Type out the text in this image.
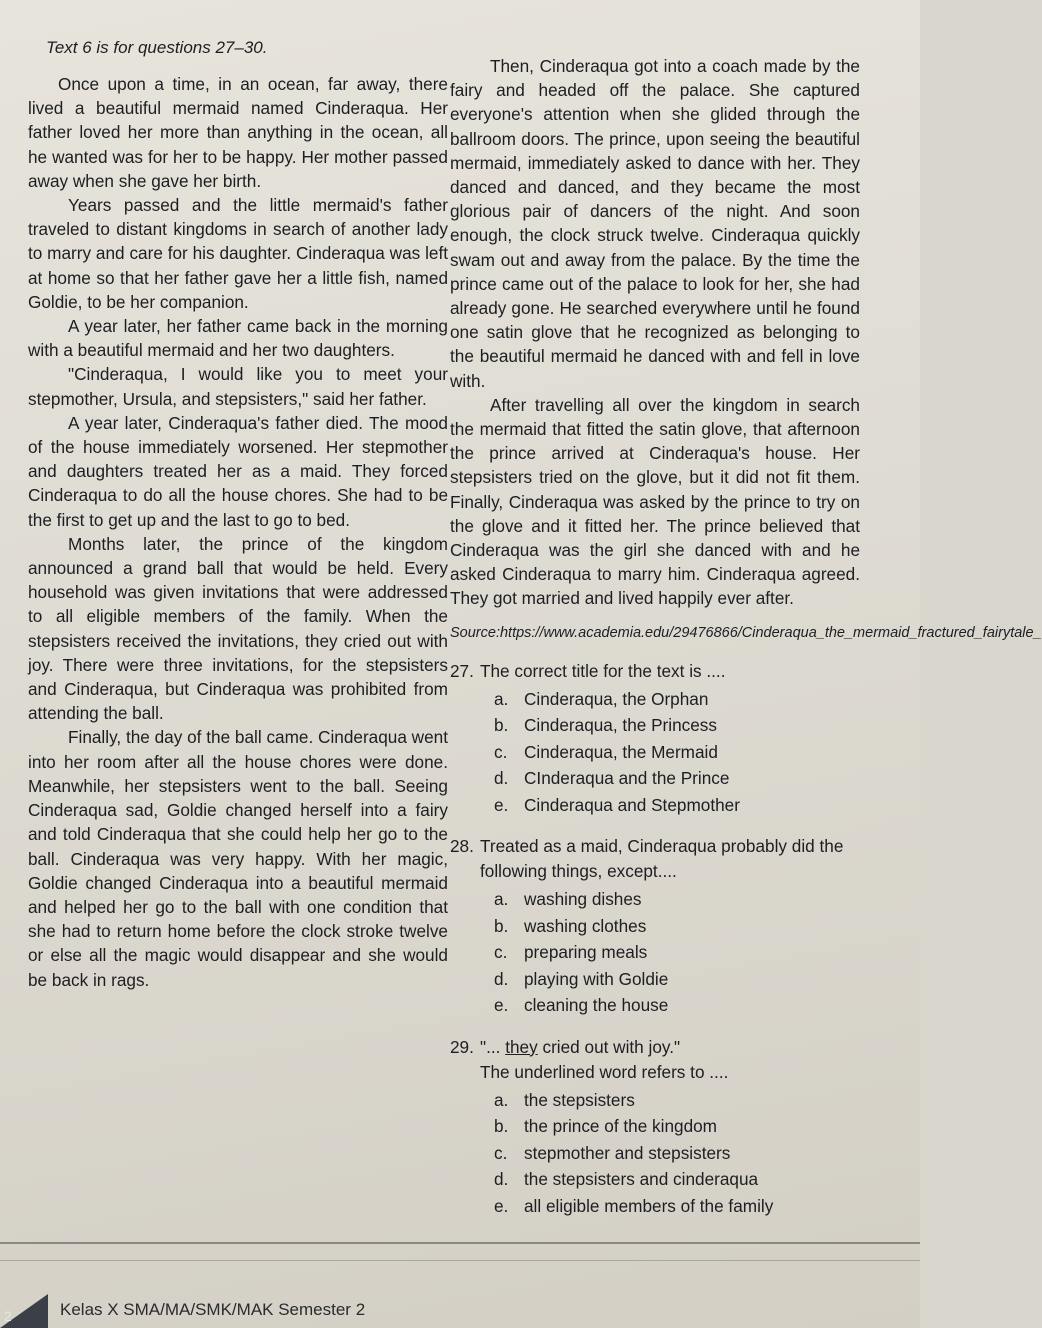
Text 6 is for questions 27–30.

Once upon a time, in an ocean, far away, there lived a beautiful mermaid named Cinderaqua. Her father loved her more than anything in the ocean, all he wanted was for her to be happy. Her mother passed away when she gave her birth.

Years passed and the little mermaid's father traveled to distant kingdoms in search of another lady to marry and care for his daughter. Cinderaqua was left at home so that her father gave her a little fish, named Goldie, to be her companion.

A year later, her father came back in the morning with a beautiful mermaid and her two daughters.

"Cinderaqua, I would like you to meet your stepmother, Ursula, and stepsisters," said her father.

A year later, Cinderaqua's father died. The mood of the house immediately worsened. Her stepmother and daughters treated her as a maid. They forced Cinderaqua to do all the house chores. She had to be the first to get up and the last to go to bed.

Months later, the prince of the kingdom announced a grand ball that would be held. Every household was given invitations that were addressed to all eligible members of the family. When the stepsisters received the invitations, they cried out with joy. There were three invitations, for the stepsisters and Cinderaqua, but Cinderaqua was prohibited from attending the ball.

Finally, the day of the ball came. Cinderaqua went into her room after all the house chores were done. Meanwhile, her stepsisters went to the ball. Seeing Cinderaqua sad, Goldie changed herself into a fairy and told Cinderaqua that she could help her go to the ball. Cinderaqua was very happy. With her magic, Goldie changed Cinderaqua into a beautiful mermaid and helped her go to the ball with one condition that she had to return home before the clock stroke twelve or else all the magic would disappear and she would be back in rags.

Then, Cinderaqua got into a coach made by the fairy and headed off the palace. She captured everyone's attention when she glided through the ballroom doors. The prince, upon seeing the beautiful mermaid, immediately asked to dance with her. They danced and danced, and they became the most glorious pair of dancers of the night. And soon enough, the clock struck twelve. Cinderaqua quickly swam out and away from the palace. By the time the prince came out of the palace to look for her, she had already gone. He searched everywhere until he found one satin glove that he recognized as belonging to the beautiful mermaid he danced with and fell in love with.

After travelling all over the kingdom in search the mermaid that fitted the satin glove, that afternoon the prince arrived at Cinderaqua's house. Her stepsisters tried on the glove, but it did not fit them. Finally, Cinderaqua was asked by the prince to try on the glove and it fitted her. The prince believed that Cinderaqua was the girl she danced with and he asked Cinderaqua to marry him. Cinderaqua agreed. They got married and lived happily ever after.

Source:https://www.academia.edu/29476866/Cinderaqua_the_mermaid_fractured_fairytale_
27. The correct title for the text is ....
a. Cinderaqua, the Orphan
b. Cinderaqua, the Princess
c. Cinderaqua, the Mermaid
d. CInderaqua and the Prince
e. Cinderaqua and Stepmother
28. Treated as a maid, Cinderaqua probably did the following things, except....
a. washing dishes
b. washing clothes
c. preparing meals
d. playing with Goldie
e. cleaning the house
29. "... they cried out with joy."
The underlined word refers to ....
a. the stepsisters
b. the prince of the kingdom
c. stepmother and stepsisters
d. the stepsisters and cinderaqua
e. all eligible members of the family
2	Kelas X SMA/MA/SMK/MAK Semester 2
